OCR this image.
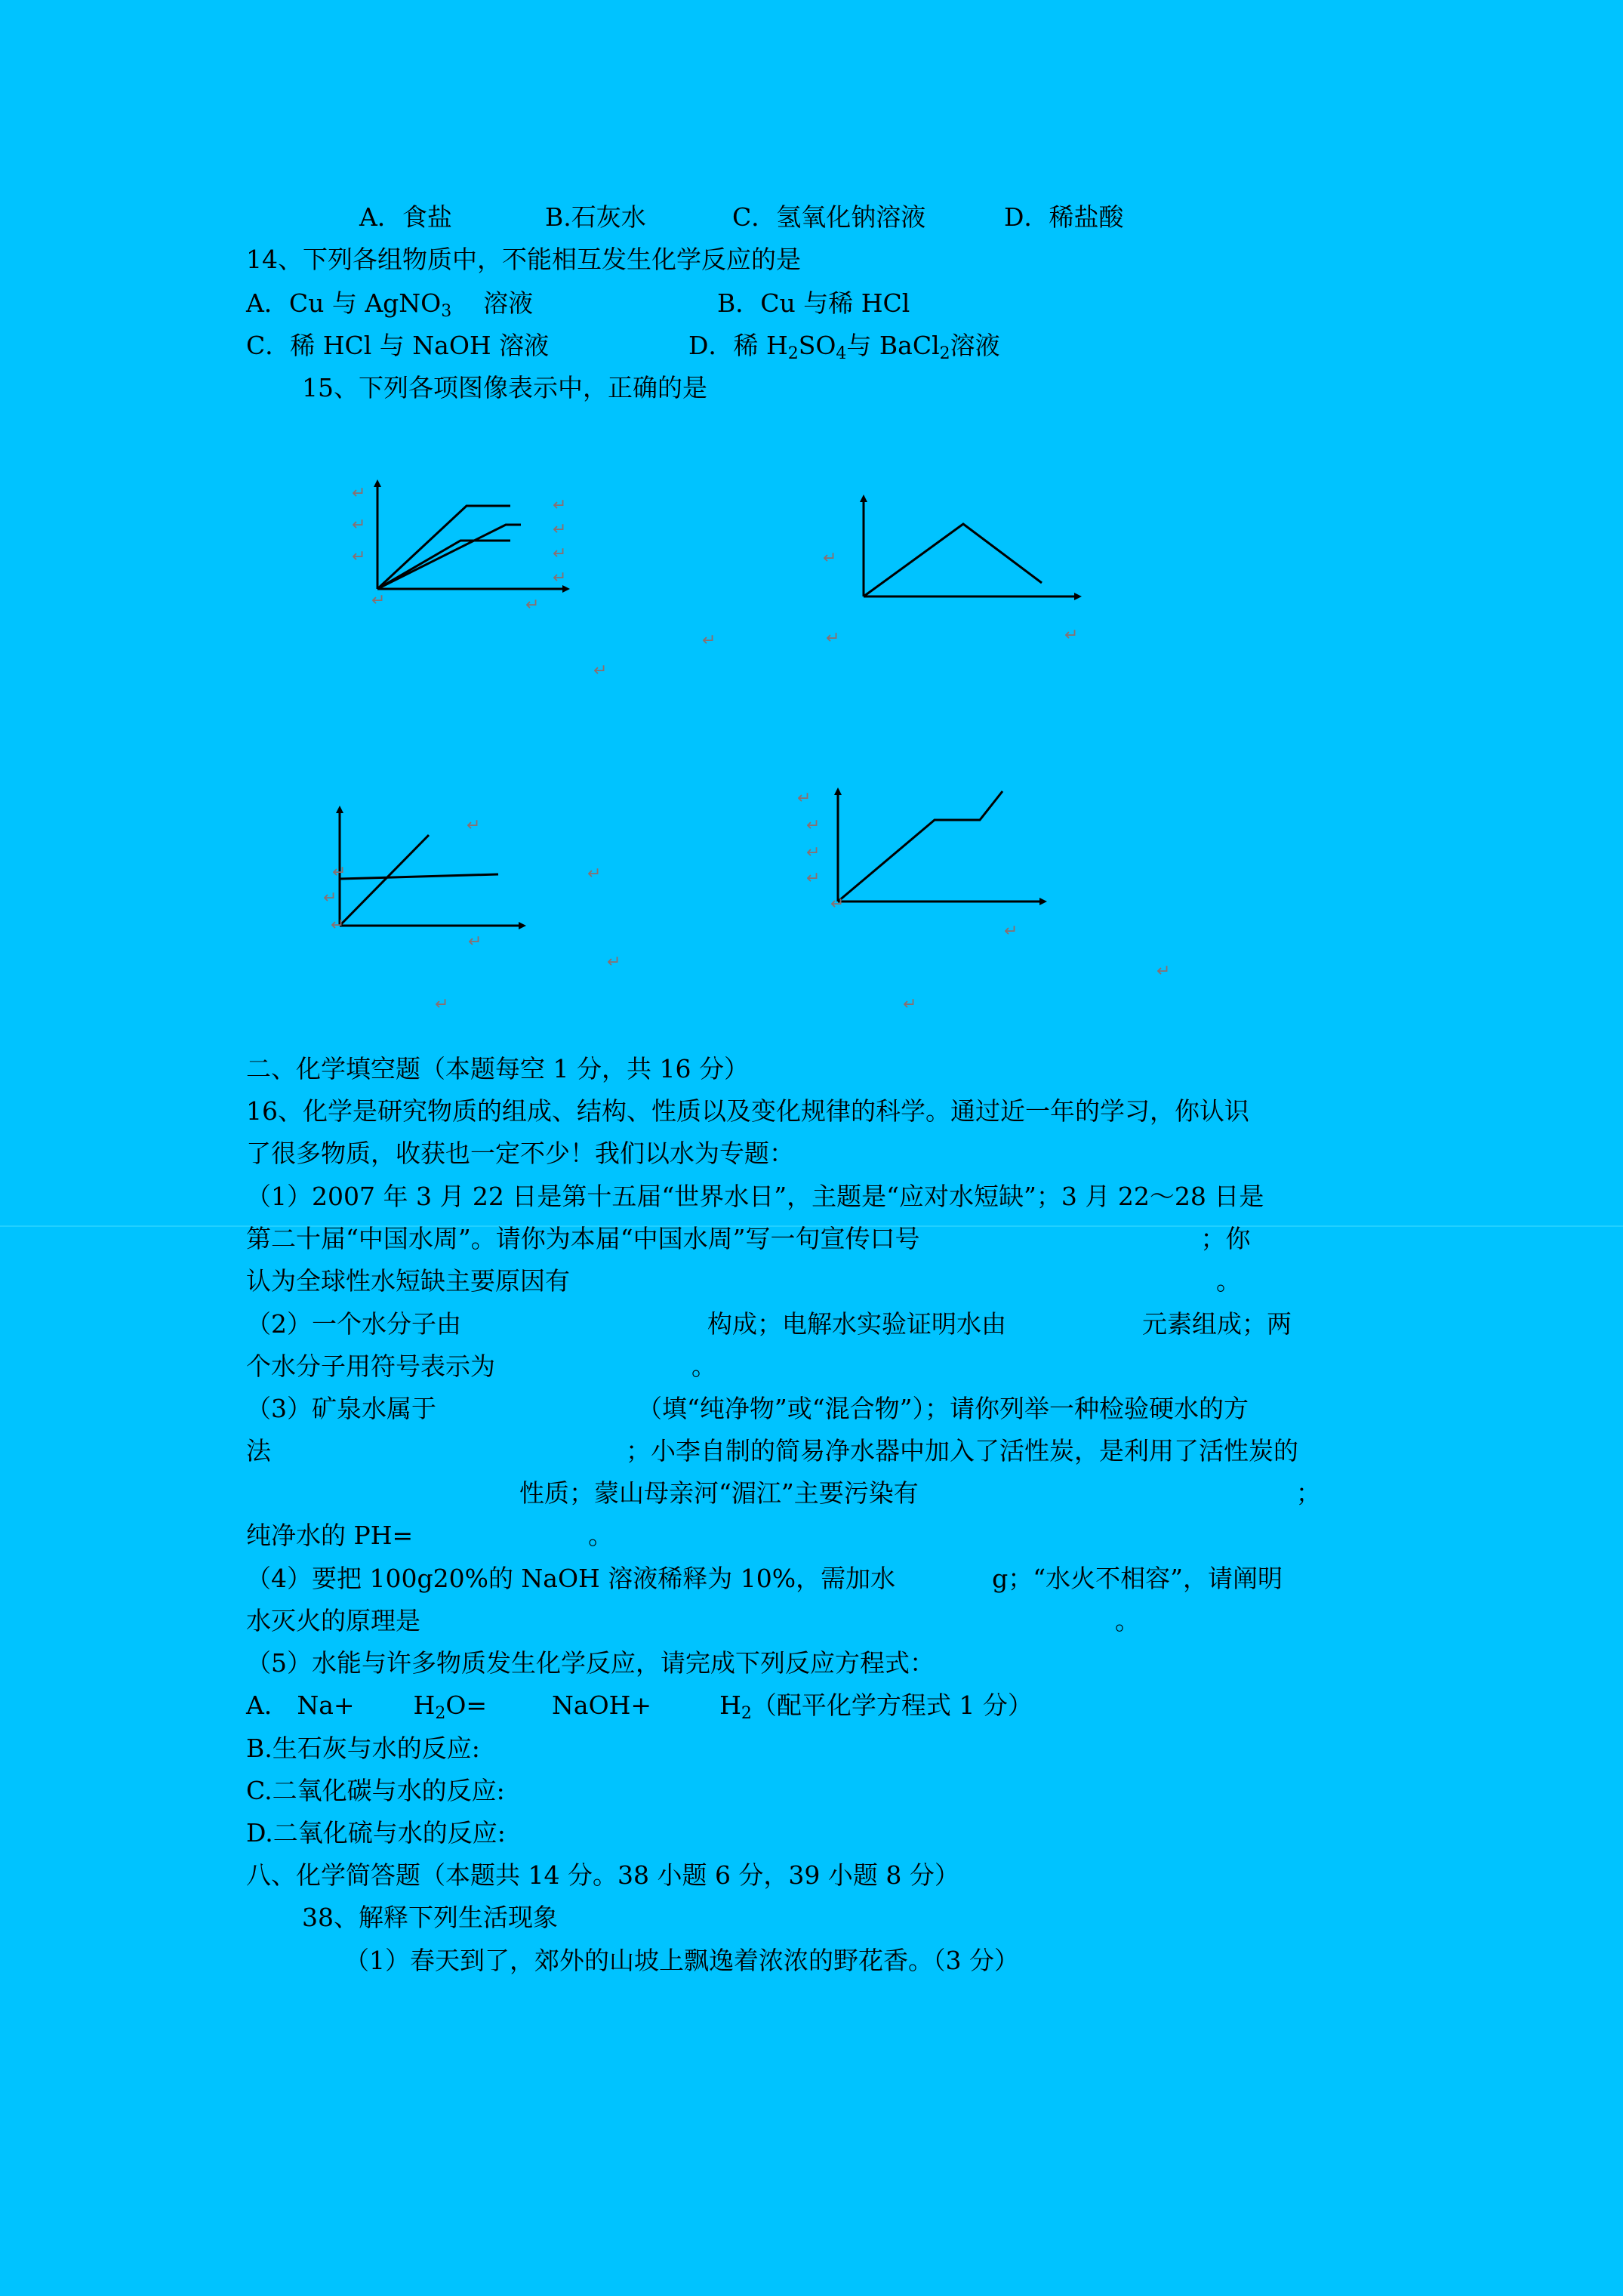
A．食盐	B.石灰水	C．氢氧化钠溶液	D．稀盐酸
14、下列各组物质中，不能相互发生化学反应的是
A．Cu 与 AgNO$_3$ 溶液	B．Cu 与稀 HCl
C．稀 HCl 与 NaOH 溶液	D．稀 $H_2SO_4$与 BaCl$_2$溶液
15、下列各项图像表示中，正确的是
↵
↵
↵
↵
↵
↵
↵
↵
↵
↵
↵
↵
↵	↵
↵
↵
↵
↵
↵
↵
↵
↵
↵
↵
↵
↵
↵
↵
↵
↵
二、化学填空题（本题每空 1 分，共 16 分）
16、化学是研究物质的组成、结构、性质以及变化规律的科学。通过近一年的学习，你认识
了很多物质，收获也一定不少！我们以水为专题：
（1）2007 年 3 月 22 日是第十五届“世界水日”，主题是“应对水短缺”；3 月 22～28 日是
第二十届“中国水周”。请你为本届“中国水周”写一句宣传口号	；你
认为全球性水短缺主要原因有	。
（2）一个水分子由	构成；电解水实验证明水由	元素组成；两
个水分子用符号表示为	。
（3）矿泉水属于	（填“纯净物”或“混合物”）；请你列举一种检验硬水的方
法	；小李自制的简易净水器中加入了活性炭，是利用了活性炭的
性质；蒙山母亲河“湄江”主要污染有	；
纯净水的 PH=	。
（4）要把 100g20%的 NaOH 溶液稀释为 10%，需加水	g；“水火不相容”，请阐明
水灭火的原理是	。
（5）水能与许多物质发生化学反应，请完成下列反应方程式：
A． $Na+ H_2O=$	NaOH+	$H_2$（配平化学方程式 1 分）
B.生石灰与水的反应:
C.二氧化碳与水的反应:
D.二氧化硫与水的反应:
八、化学简答题（本题共 14 分。38 小题 6 分，39 小题 8 分）
38、解释下列生活现象
（1）春天到了，郊外的山坡上飘逸着浓浓的野花香。（3 分）
